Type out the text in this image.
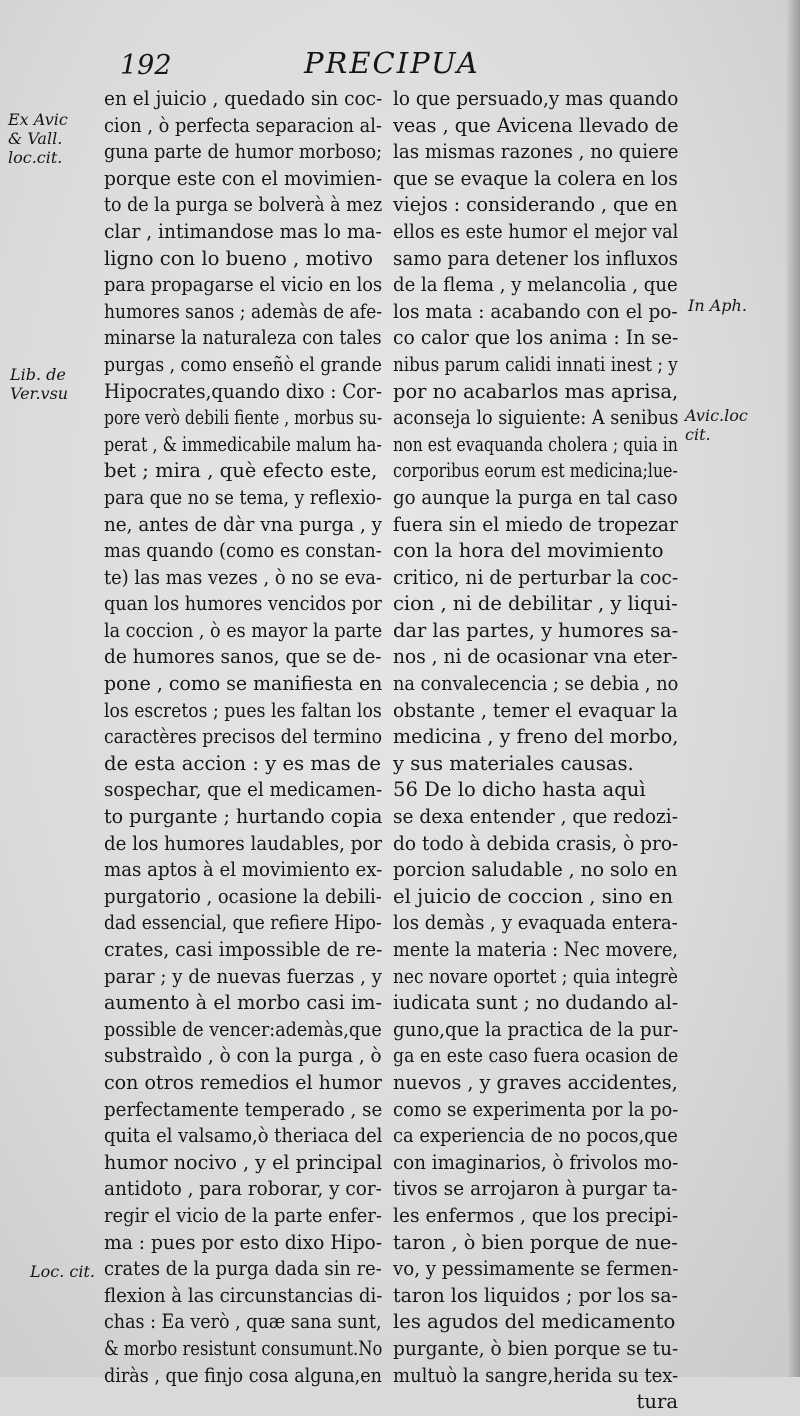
192	PRECIPUA
Ex Avic
& Vall.
loc.cit.
Lib. de
Ver.vsu
Loc. cit.
In Aph.
Avic.loc
cit.
en el juicio , quedado sin coc-
cion , ò perfecta separacion al-
guna parte de humor morboso;
porque este con el movimien-
to de la purga se bolverà à mez
clar , intimandose mas lo ma-
ligno con lo bueno , motivo
para propagarse el vicio en los
humores sanos ; ademàs de afe-
minarse la naturaleza con tales
purgas , como enseñò el grande
Hipocrates,quando dixo : Cor-
pore verò debili fiente , morbus su-
perat , & immedicabile malum ha-
bet ; mira , què efecto este,
para que no se tema, y reflexio-
ne, antes de dàr vna purga , y
mas quando (como es constan-
te) las mas vezes , ò no se eva-
quan los humores vencidos por
la coccion , ò es mayor la parte
de humores sanos, que se de-
pone , como se manifiesta en
los escretos ; pues les faltan los
caractères precisos del termino
de esta accion : y es mas de
sospechar, que el medicamen-
to purgante ; hurtando copia
de los humores laudables, por
mas aptos à el movimiento ex-
purgatorio , ocasione la debili-
dad essencial, que refiere Hipo-
crates, casi impossible de re-
parar ; y de nuevas fuerzas , y
aumento à el morbo casi im-
possible de vencer:ademàs,que
substraìdo , ò con la purga , ò
con otros remedios el humor
perfectamente temperado , se
quita el valsamo,ò theriaca del
humor nocivo , y el principal
antidoto , para roborar, y cor-
regir el vicio de la parte enfer-
ma : pues por esto dixo Hipo-
crates de la purga dada sin re-
flexion à las circunstancias di-
chas : Ea verò , quæ sana sunt,
& morbo resistunt consumunt.No
diràs , que finjo cosa alguna,en
lo que persuado,y mas quando
veas , que Avicena llevado de
las mismas razones , no quiere
que se evaque la colera en los
viejos : considerando , que en
ellos es este humor el mejor val
samo para detener los influxos
de la flema , y melancolia , que
los mata : acabando con el po-
co calor que los anima : In se-
nibus parum calidi innati inest ; y
por no acabarlos mas aprisa,
aconseja lo siguiente: A senibus
non est evaquanda cholera ; quia in
corporibus eorum est medicina;lue-
go aunque la purga en tal caso
fuera sin el miedo de tropezar
con la hora del movimiento
critico, ni de perturbar la coc-
cion , ni de debilitar , y liqui-
dar las partes, y humores sa-
nos , ni de ocasionar vna eter-
na convalecencia ; se debia , no
obstante , temer el evaquar la
medicina , y freno del morbo,
y sus materiales causas.
56 De lo dicho hasta aquì
se dexa entender , que redozi-
do todo à debida crasis, ò pro-
porcion saludable , no solo en
el juicio de coccion , sino en
los demàs , y evaquada entera-
mente la materia : Nec movere,
nec novare oportet ; quia integrè
iudicata sunt ; no dudando al-
guno,que la practica de la pur-
ga en este caso fuera ocasion de
nuevos , y graves accidentes,
como se experimenta por la po-
ca experiencia de no pocos,que
con imaginarios, ò frivolos mo-
tivos se arrojaron à purgar ta-
les enfermos , que los precipi-
taron , ò bien porque de nue-
vo, y pessimamente se fermen-
taron los liquidos ; por los sa-
les agudos del medicamento
purgante, ò bien porque se tu-
multuò la sangre,herida su tex-
tura
